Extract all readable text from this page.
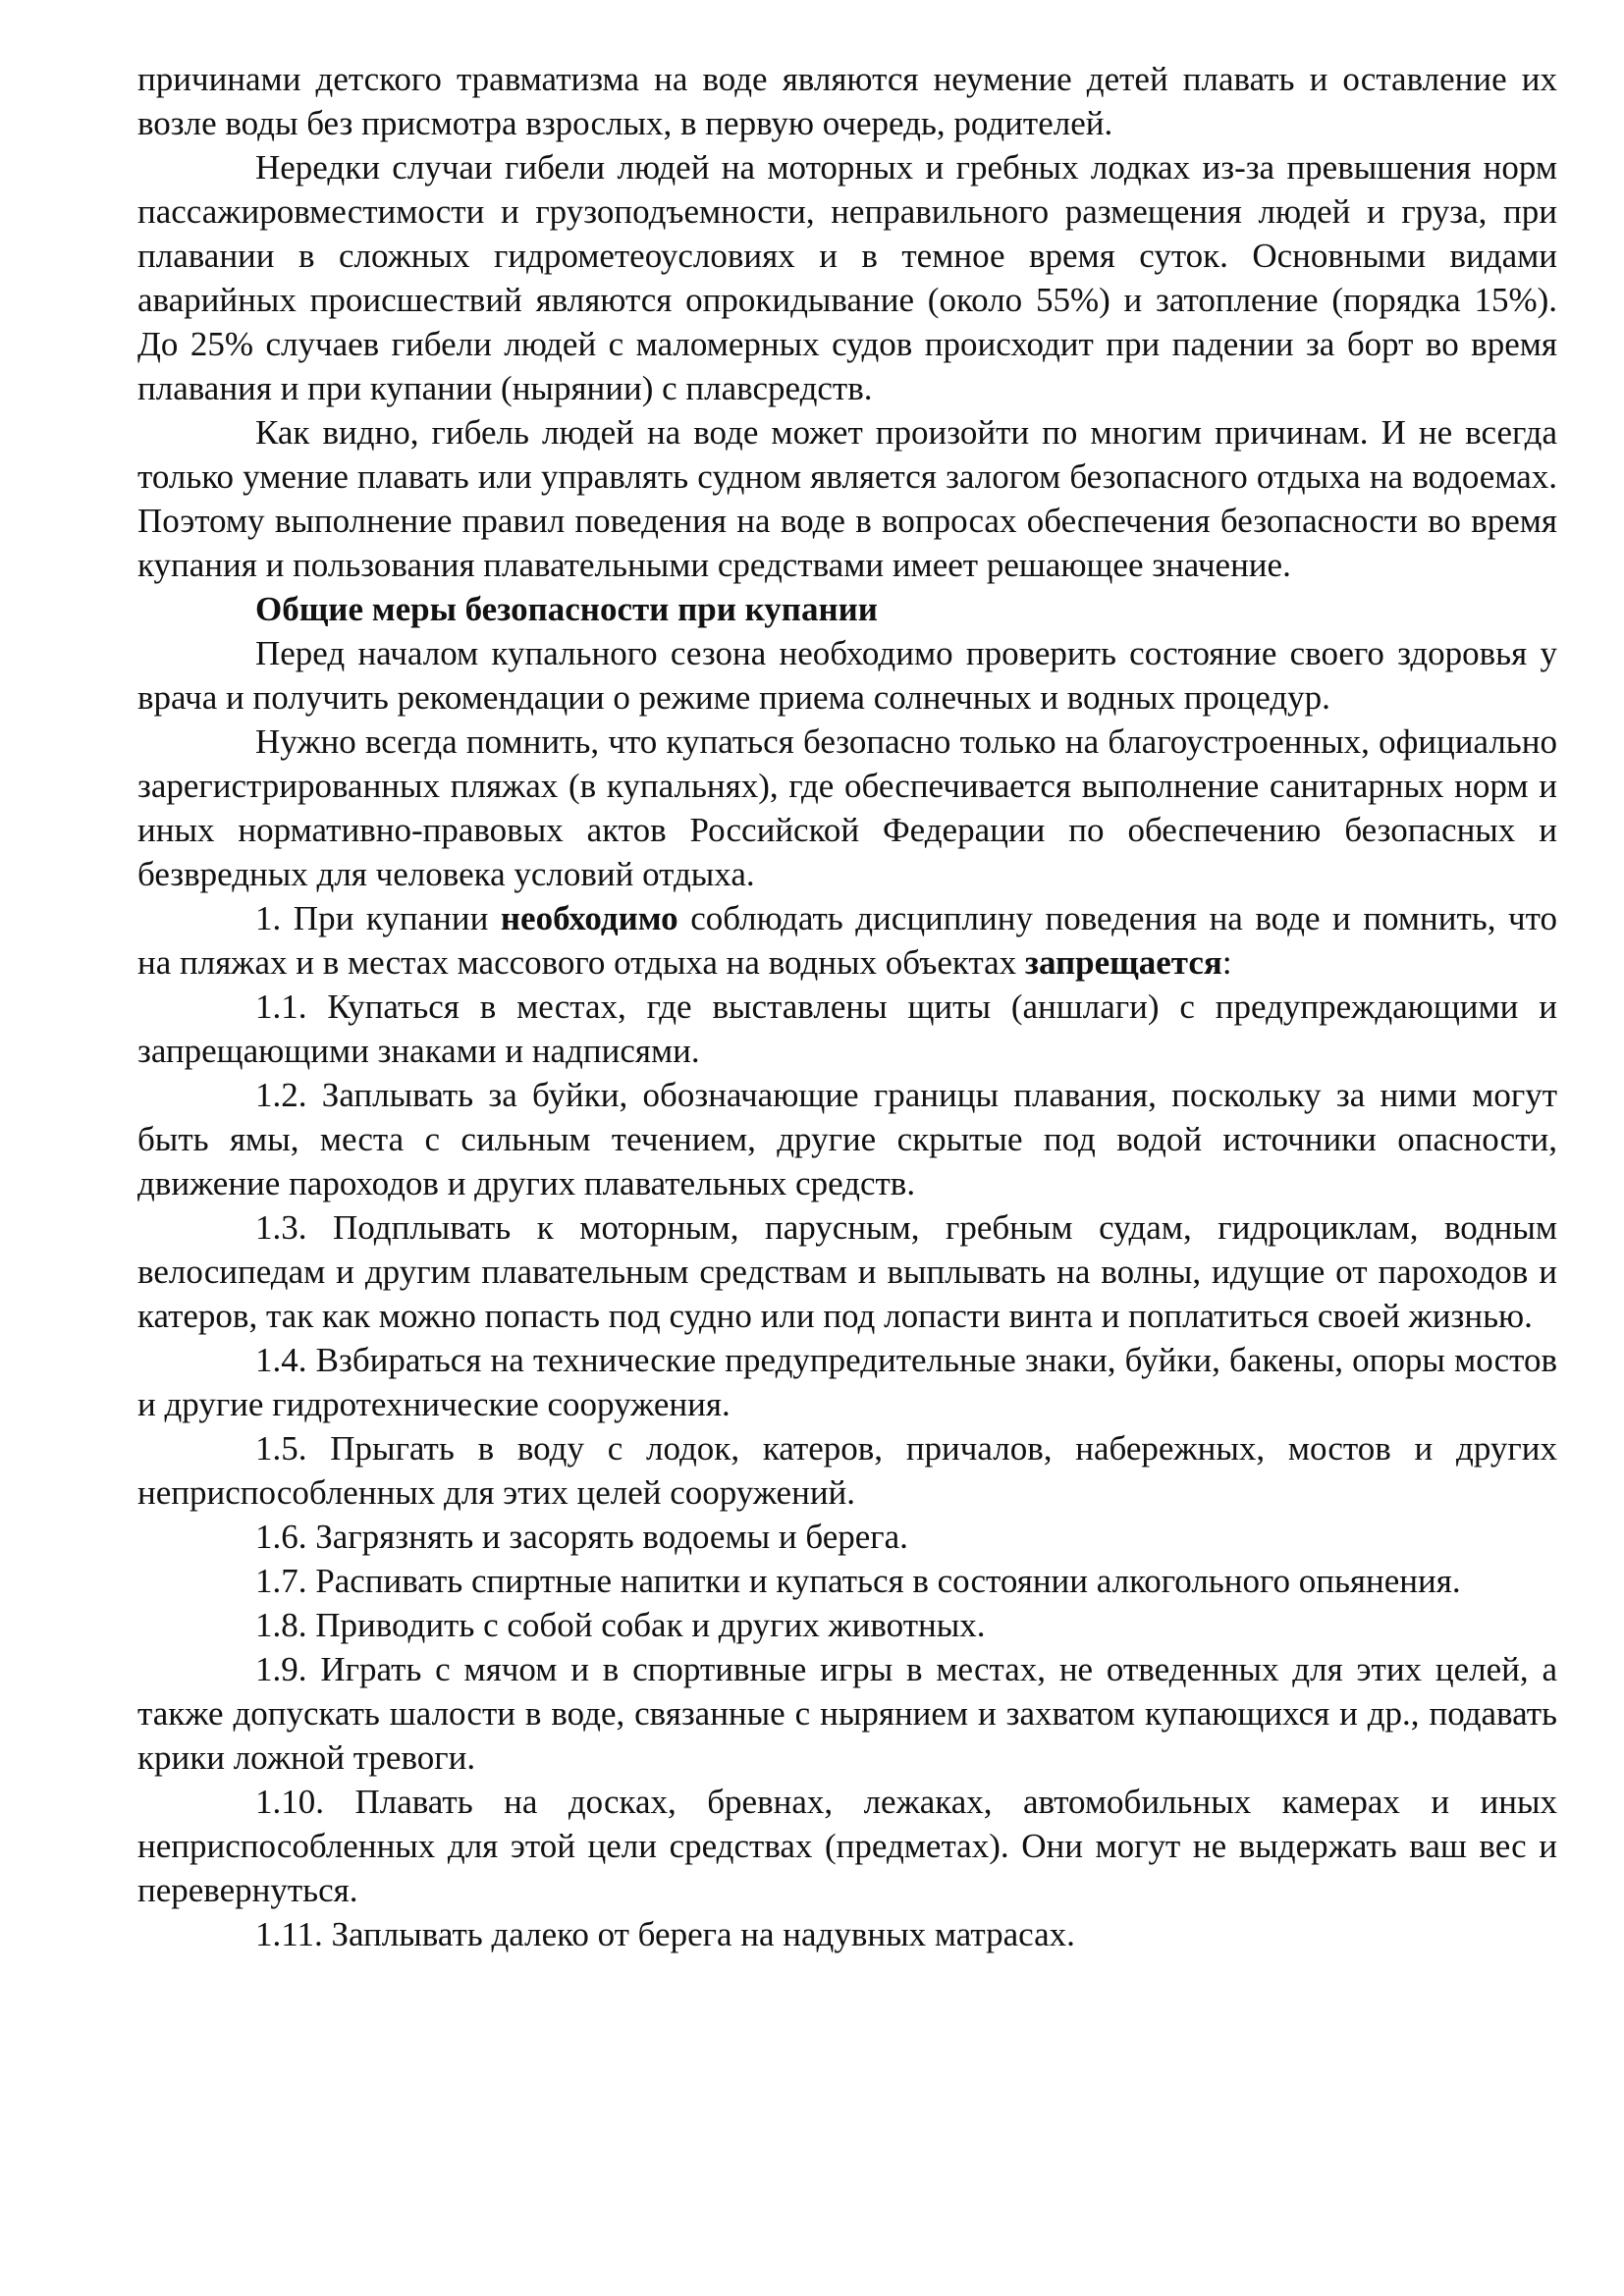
причинами детского травматизма на воде являются неумение детей плавать и оставление их возле воды без присмотра взрослых, в первую очередь, родителей.

Нередки случаи гибели людей на моторных и гребных лодках из-за превышения норм пассажировместимости и грузоподъемности, неправильного размещения людей и груза, при плавании в сложных гидрометеоусловиях и в темное время суток. Основными видами аварийных происшествий являются опрокидывание (около 55%) и затопление (порядка 15%). До 25% случаев гибели людей с маломерных судов происходит при падении за борт во время плавания и при купании (нырянии) с плавсредств.

Как видно, гибель людей на воде может произойти по многим причинам. И не всегда только умение плавать или управлять судном является залогом безопасного отдыха на водоемах. Поэтому выполнение правил поведения на воде в вопросах обеспечения безопасности во время купания и пользования плавательными средствами имеет решающее значение.

Общие меры безопасности при купании

Перед началом купального сезона необходимо проверить состояние своего здоровья у врача и получить рекомендации о режиме приема солнечных и водных процедур.

Нужно всегда помнить, что купаться безопасно только на благоустроенных, официально зарегистрированных пляжах (в купальнях), где обеспечивается выполнение санитарных норм и иных нормативно-правовых актов Российской Федерации по обеспечению безопасных и безвредных для человека условий отдыха.

1. При купании необходимо соблюдать дисциплину поведения на воде и помнить, что на пляжах и в местах массового отдыха на водных объектах запрещается:

1.1. Купаться в местах, где выставлены щиты (аншлаги) с предупреждающими и запрещающими знаками и надписями.

1.2. Заплывать за буйки, обозначающие границы плавания, поскольку за ними могут быть ямы, места с сильным течением, другие скрытые под водой источники опасности, движение пароходов и других плавательных средств.

1.3. Подплывать к моторным, парусным, гребным судам, гидроциклам, водным велосипедам и другим плавательным средствам и выплывать на волны, идущие от пароходов и катеров, так как можно попасть под судно или под лопасти винта и поплатиться своей жизнью.

1.4. Взбираться на технические предупредительные знаки, буйки, бакены, опоры мостов и другие гидротехнические сооружения.

1.5. Прыгать в воду с лодок, катеров, причалов, набережных, мостов и других неприспособленных для этих целей сооружений.

1.6. Загрязнять и засорять водоемы и берега.

1.7. Распивать спиртные напитки и купаться в состоянии алкогольного опьянения.

1.8. Приводить с собой собак и других животных.

1.9. Играть с мячом и в спортивные игры в местах, не отведенных для этих целей, а также допускать шалости в воде, связанные с нырянием и захватом купающихся и др., подавать крики ложной тревоги.

1.10. Плавать на досках, бревнах, лежаках, автомобильных камерах и иных неприспособленных для этой цели средствах (предметах). Они могут не выдержать ваш вес и перевернуться.

1.11. Заплывать далеко от берега на надувных матрасах.
